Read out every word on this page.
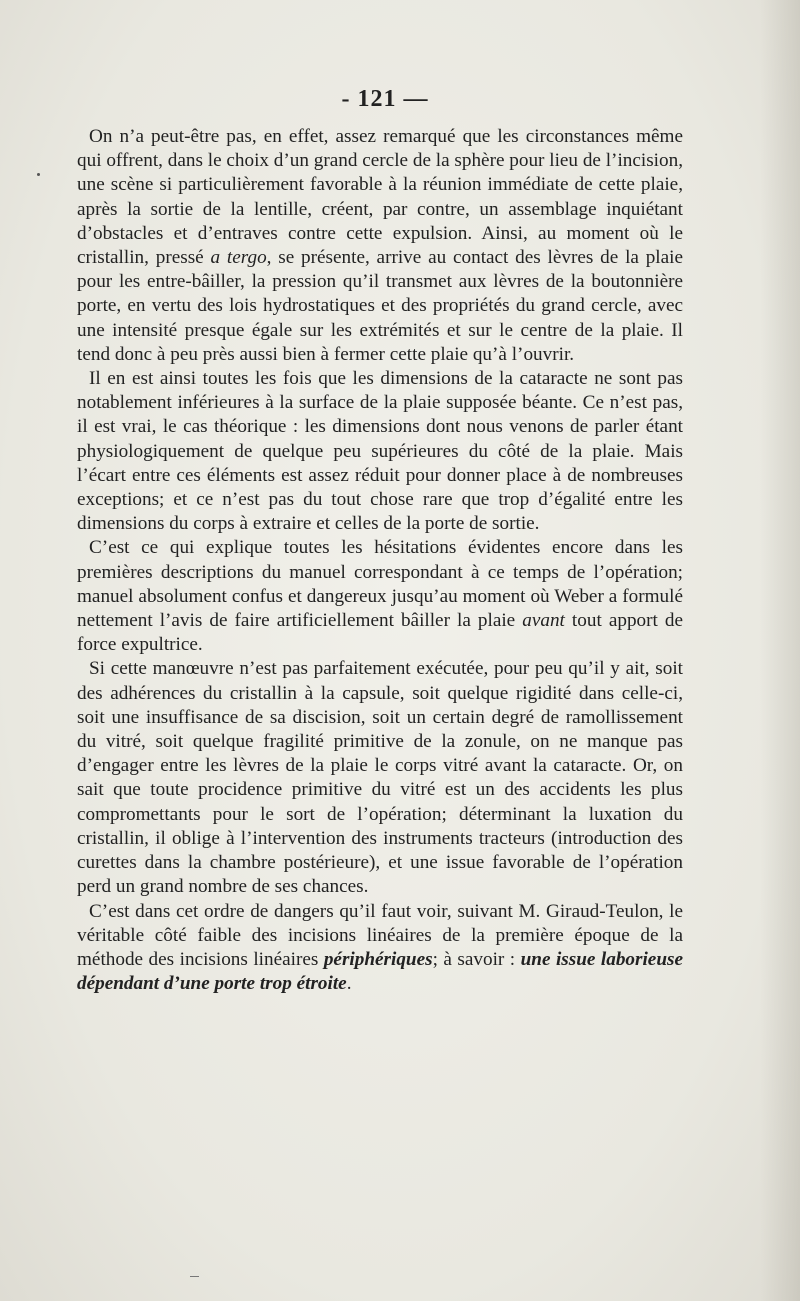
- 121 —

On n’a peut-être pas, en effet, assez remarqué que les circonstances même qui offrent, dans le choix d’un grand cercle de la sphère pour lieu de l’incision, une scène si particulièrement favorable à la réunion immédiate de cette plaie, après la sortie de la lentille, créent, par contre, un assemblage inquiétant d’obstacles et d’entraves contre cette expulsion. Ainsi, au moment où le cristallin, pressé a tergo, se présente, arrive au contact des lèvres de la plaie pour les entre-bâiller, la pression qu’il transmet aux lèvres de la boutonnière porte, en vertu des lois hydrostatiques et des propriétés du grand cercle, avec une intensité presque égale sur les extrémités et sur le centre de la plaie. Il tend donc à peu près aussi bien à fermer cette plaie qu’à l’ouvrir.

Il en est ainsi toutes les fois que les dimensions de la cataracte ne sont pas notablement inférieures à la surface de la plaie supposée béante. Ce n’est pas, il est vrai, le cas théorique : les dimensions dont nous venons de parler étant physiologiquement de quelque peu supérieures du côté de la plaie. Mais l’écart entre ces éléments est assez réduit pour donner place à de nombreuses exceptions; et ce n’est pas du tout chose rare que trop d’égalité entre les dimensions du corps à extraire et celles de la porte de sortie.

C’est ce qui explique toutes les hésitations évidentes encore dans les premières descriptions du manuel correspondant à ce temps de l’opération; manuel absolument confus et dangereux jusqu’au moment où Weber a formulé nettement l’avis de faire artificiellement bâiller la plaie avant tout apport de force expultrice.

Si cette manœuvre n’est pas parfaitement exécutée, pour peu qu’il y ait, soit des adhérences du cristallin à la capsule, soit quelque rigidité dans celle-ci, soit une insuffisance de sa discision, soit un certain degré de ramollissement du vitré, soit quelque fragilité primitive de la zonule, on ne manque pas d’engager entre les lèvres de la plaie le corps vitré avant la cataracte. Or, on sait que toute procidence primitive du vitré est un des accidents les plus compromettants pour le sort de l’opération; déterminant la luxation du cristallin, il oblige à l’intervention des instruments tracteurs (introduction des curettes dans la chambre postérieure), et une issue favorable de l’opération perd un grand nombre de ses chances.

C’est dans cet ordre de dangers qu’il faut voir, suivant M. Giraud-Teulon, le véritable côté faible des incisions linéaires de la première époque de la méthode des incisions linéaires périphériques; à savoir : une issue laborieuse dépendant d’une porte trop étroite.
